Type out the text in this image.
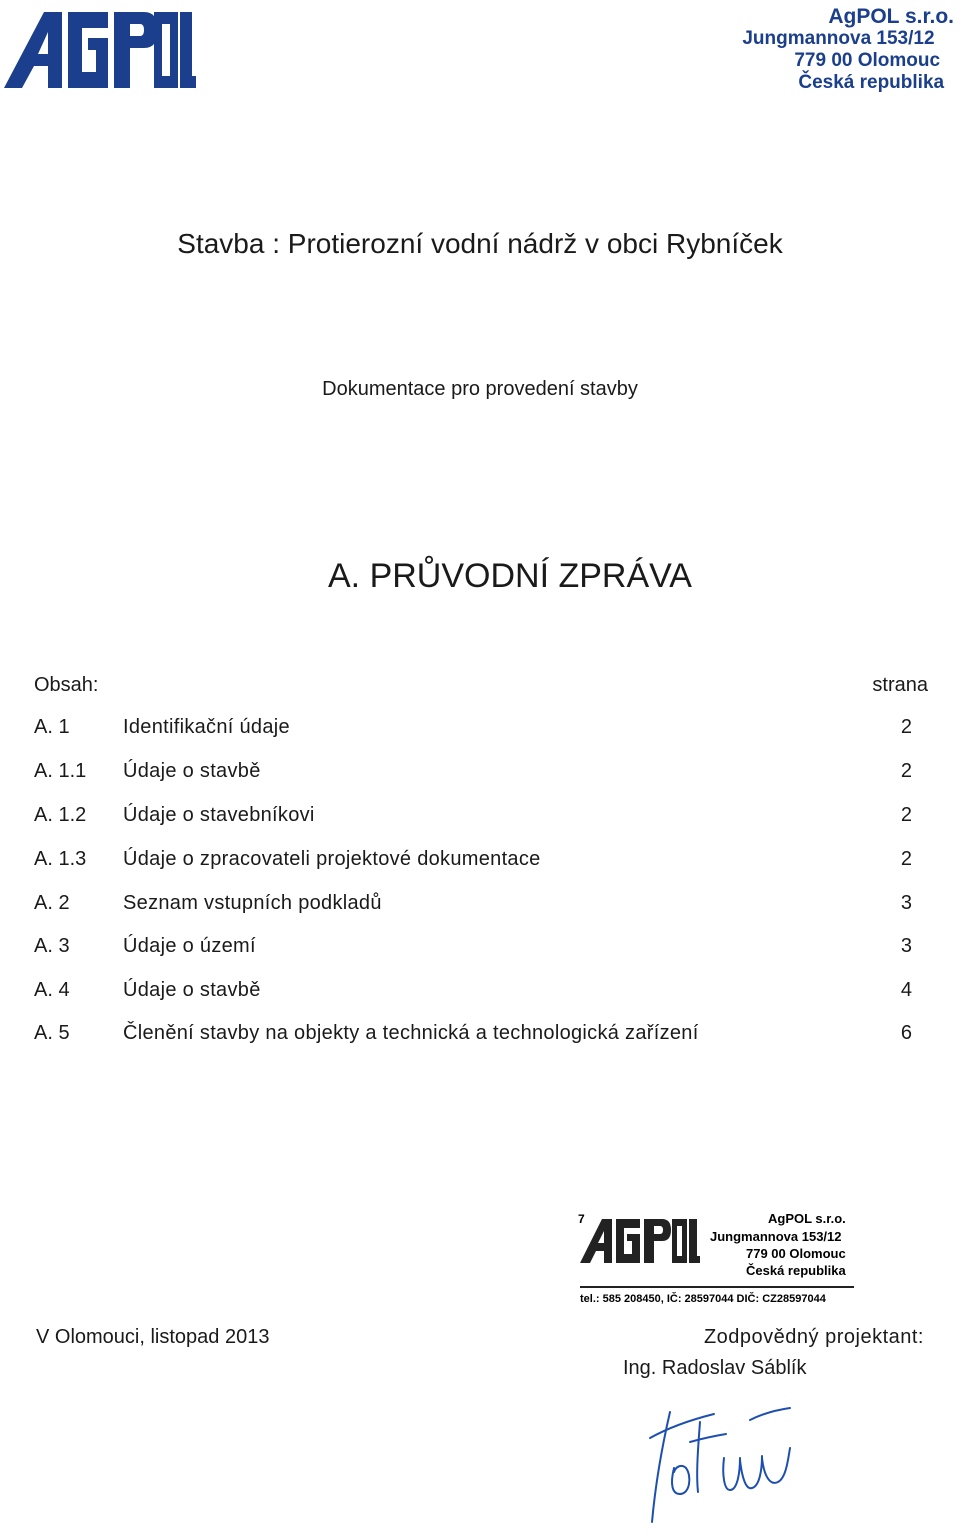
AgPOL s.r.o.
Jungmannova 153/12
779 00 Olomouc
Česká republika
Stavba : Protierozní vodní nádrž v obci Rybníček
Dokumentace pro provedení stavby
A. PRŮVODNÍ ZPRÁVA
Obsah:	strana
A. 1	Identifikační údaje	2
A. 1.1 Údaje o stavbě	2
A. 1.2 Údaje o stavebníkovi	2
A. 1.3 Údaje o zpracovateli projektové dokumentace	2
A. 2	Seznam vstupních podkladů	3
A. 3	Údaje o území	3
A. 4	Údaje o stavbě	4
A. 5	Členění stavby na objekty a technická a technologická zařízení	6
7	AgPOL s.r.o.
Jungmannova 153/12
779 00 Olomouc
Česká republika
tel.: 585 208450, IČ: 28597044 DIČ: CZ28597044
V Olomouci, listopad 2013	Zodpovědný projektant:
Ing. Radoslav Sáblík
